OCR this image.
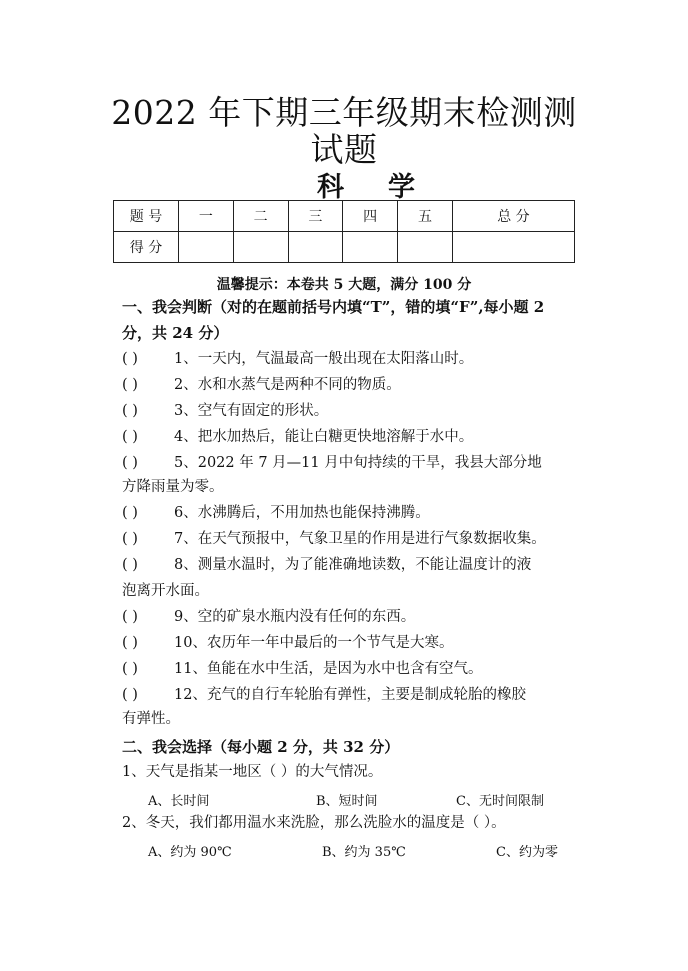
2022 年下期三年级期末检测测
试题
科学
题 号	一	二	三	四	五	总 分
得 分						
温馨提示：本卷共 5 大题，满分 100 分
一、我会判断（对的在题前括号内填“T”，错的填“F”,每小题 2
分，共 24 分）
( ) 1、一天内，气温最高一般出现在太阳落山时。
( ) 2、水和水蒸气是两种不同的物质。
( ) 3、空气有固定的形状。
( ) 4、把水加热后，能让白糖更快地溶解于水中。
( ) 5、2022 年 7 月—11 月中旬持续的干旱，我县大部分地
方降雨量为零。
( ) 6、水沸腾后，不用加热也能保持沸腾。
( ) 7、在天气预报中，气象卫星的作用是进行气象数据收集。
( ) 8、测量水温时，为了能准确地读数，不能让温度计的液
泡离开水面。
( ) 9、空的矿泉水瓶内没有任何的东西。
( ) 10、农历年一年中最后的一个节气是大寒。
( ) 11、鱼能在水中生活，是因为水中也含有空气。
( ) 12、充气的自行车轮胎有弹性，主要是制成轮胎的橡胶
有弹性。
二、我会选择（每小题 2 分，共 32 分）
1、天气是指某一地区（ ）的大气情况。
A、长时间	B、短时间	C、无时间限制
2、冬天，我们都用温水来洗脸，那么洗脸水的温度是（ ）。
A、约为 90℃	B、约为 35℃	C、约为零
